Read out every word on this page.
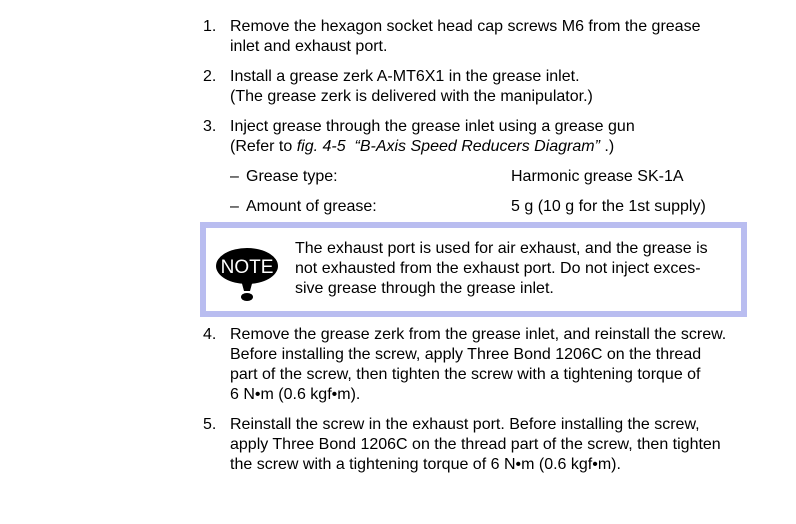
1. Remove the hexagon socket head cap screws M6 from the grease
inlet and exhaust port.
2. Install a grease zerk A-MT6X1 in the grease inlet.
(The grease zerk is delivered with the manipulator.)
3. Inject grease through the grease inlet using a grease gun
(Refer to fig. 4-5 “B-Axis Speed Reducers Diagram” .)
– Grease type:	Harmonic grease SK-1A
– Amount of grease:	5 g (10 g for the 1st supply)
NOTE
The exhaust port is used for air exhaust, and the grease is
not exhausted from the exhaust port. Do not inject exces-
sive grease through the grease inlet.
4. Remove the grease zerk from the grease inlet, and reinstall the screw.
Before installing the screw, apply Three Bond 1206C on the thread
part of the screw, then tighten the screw with a tightening torque of
6 N•m (0.6 kgf•m).
5. Reinstall the screw in the exhaust port. Before installing the screw,
apply Three Bond 1206C on the thread part of the screw, then tighten
the screw with a tightening torque of 6 N•m (0.6 kgf•m).
